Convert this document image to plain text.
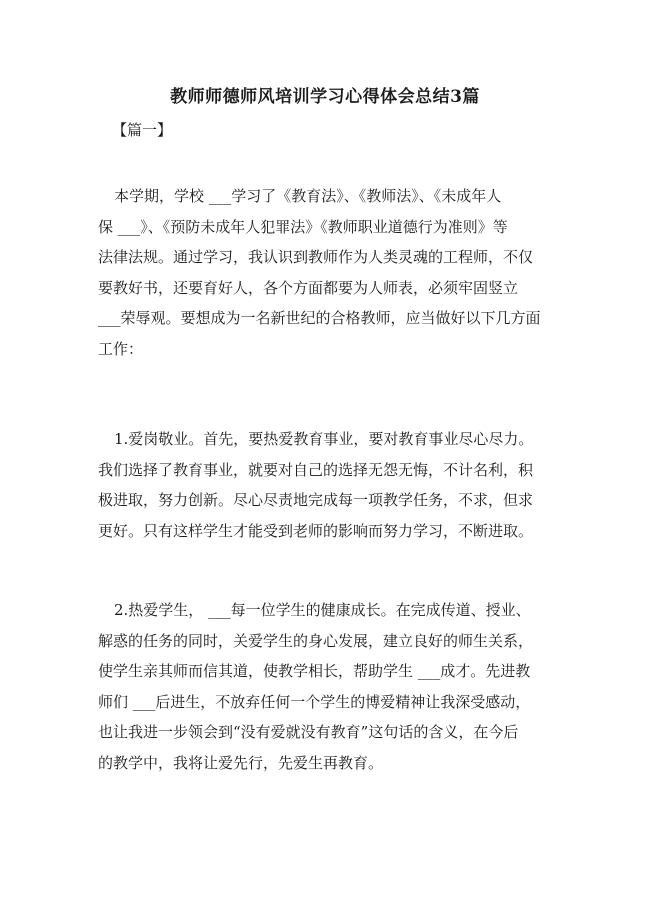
教师师德师风培训学习心得体会总结3篇
【篇一】
本学期，学校 ___学习了《教育法》、《教师法》、《未成年人
保 ___》、《预防未成年人犯罪法》《教师职业道德行为准则》等
法律法规。通过学习，我认识到教师作为人类灵魂的工程师，不仅
要教好书，还要育好人，各个方面都要为人师表，必须牢固竖立
___荣辱观。要想成为一名新世纪的合格教师，应当做好以下几方面
工作：
1.爱岗敬业。首先，要热爱教育事业，要对教育事业尽心尽力。
我们选择了教育事业，就要对自己的选择无怨无悔，不计名利，积
极进取，努力创新。尽心尽责地完成每一项教学任务，不求，但求
更好。只有这样学生才能受到老师的影响而努力学习，不断进取。
2.热爱学生， ___每一位学生的健康成长。在完成传道、授业、
解惑的任务的同时，关爱学生的身心发展，建立良好的师生关系，
使学生亲其师而信其道，使教学相长，帮助学生 ___成才。先进教
师们 ___后进生，不放弃任何一个学生的博爱精神让我深受感动，
也让我进一步领会到“没有爱就没有教育”这句话的含义，在今后
的教学中，我将让爱先行，先爱生再教育。
